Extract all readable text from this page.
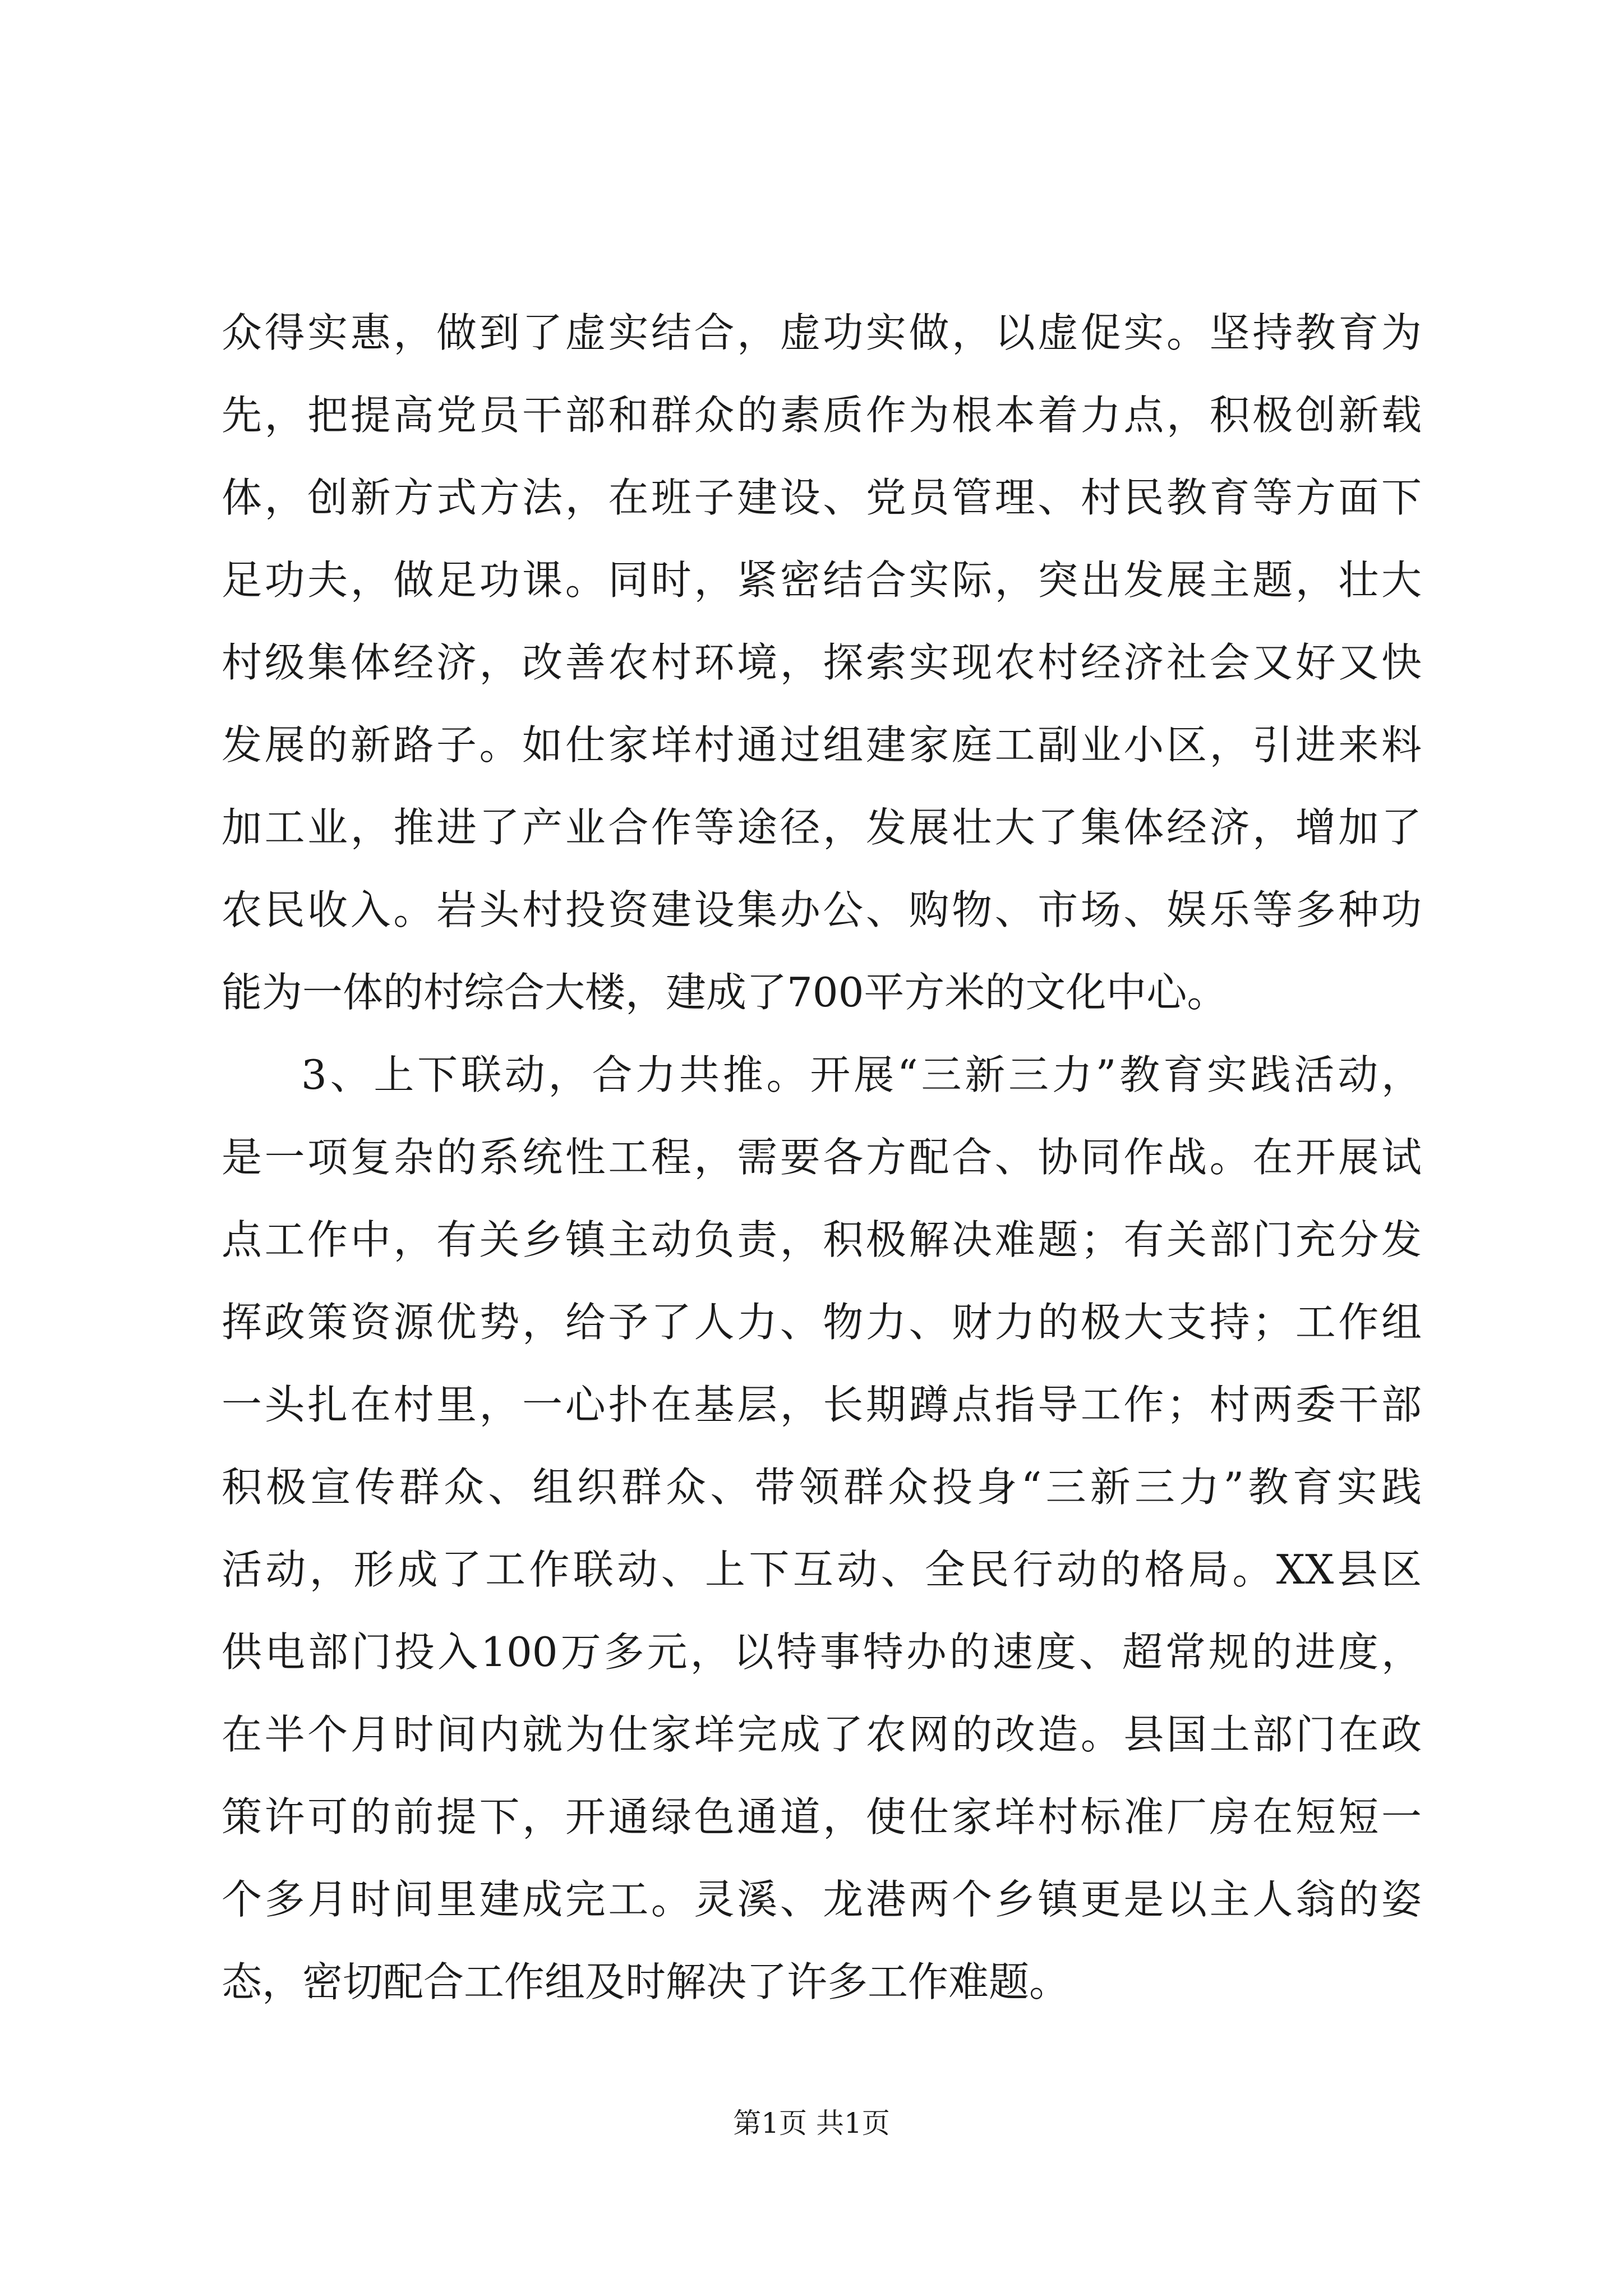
众得实惠，做到了虚实结合，虚功实做，以虚促实。坚持教育为
先，把提高党员干部和群众的素质作为根本着力点，积极创新载
体，创新方式方法，在班子建设、党员管理、村民教育等方面下
足功夫，做足功课。同时，紧密结合实际，突出发展主题，壮大
村级集体经济，改善农村环境，探索实现农村经济社会又好又快
发展的新路子。如仕家垟村通过组建家庭工副业小区，引进来料
加工业，推进了产业合作等途径，发展壮大了集体经济，增加了
农民收入。岩头村投资建设集办公、购物、市场、娱乐等多种功
能为一体的村综合大楼，建成了700平方米的文化中心。
3、上下联动，合力共推。开展“三新三力”教育实践活动，
是一项复杂的系统性工程，需要各方配合、协同作战。在开展试
点工作中，有关乡镇主动负责，积极解决难题；有关部门充分发
挥政策资源优势，给予了人力、物力、财力的极大支持；工作组
一头扎在村里，一心扑在基层，长期蹲点指导工作；村两委干部
积极宣传群众、组织群众、带领群众投身“三新三力”教育实践
活动，形成了工作联动、上下互动、全民行动的格局。XX县区
供电部门投入100万多元，以特事特办的速度、超常规的进度，
在半个月时间内就为仕家垟完成了农网的改造。县国土部门在政
策许可的前提下，开通绿色通道，使仕家垟村标准厂房在短短一
个多月时间里建成完工。灵溪、龙港两个乡镇更是以主人翁的姿
态，密切配合工作组及时解决了许多工作难题。
第1页 共1页
